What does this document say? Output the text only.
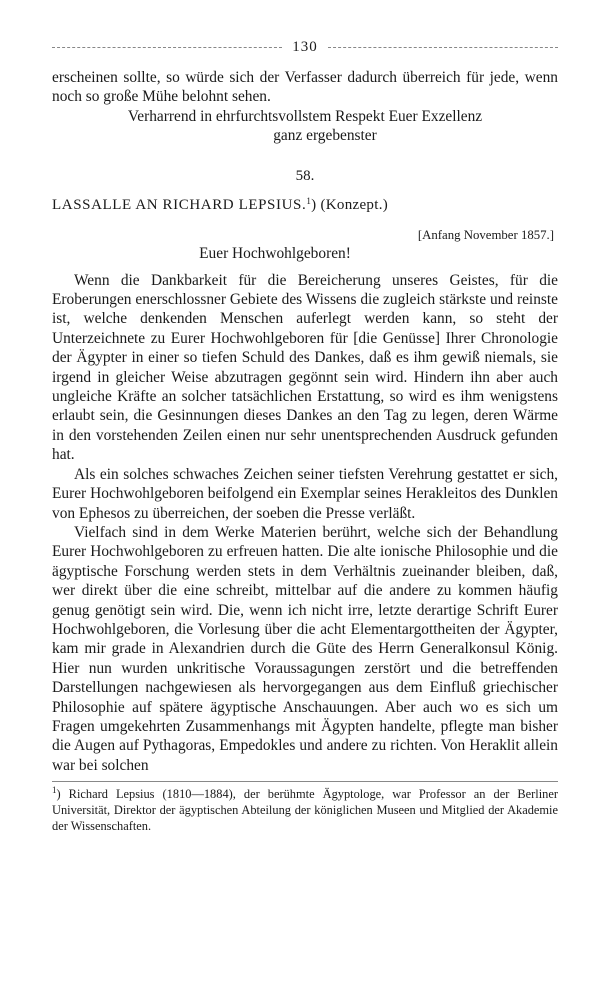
130

erscheinen sollte, so würde sich der Verfasser dadurch überreich für jede, wenn noch so große Mühe belohnt sehen.

Verharrend in ehrfurchtsvollstem Respekt Euer Exzellenz

ganz ergebenster

58.
LASSALLE AN RICHARD LEPSIUS.$^1$) (Konzept.)
[Anfang November 1857.]
Euer Hochwohlgeboren!

Wenn die Dankbarkeit für die Bereicherung unseres Geistes, für die Eroberungen enerschlossner Gebiete des Wissens die zugleich stärkste und reinste ist, welche denkenden Menschen auferlegt werden kann, so steht der Unterzeichnete zu Eurer Hochwohlgeboren für [die Genüsse] Ihrer Chronologie der Ägypter in einer so tiefen Schuld des Dankes, daß es ihm gewiß niemals, sie irgend in gleicher Weise abzutragen gegönnt sein wird. Hindern ihn aber auch ungleiche Kräfte an solcher tatsächlichen Erstattung, so wird es ihm wenigstens erlaubt sein, die Gesinnungen dieses Dankes an den Tag zu legen, deren Wärme in den vorstehenden Zeilen einen nur sehr unentsprechenden Ausdruck gefunden hat.

Als ein solches schwaches Zeichen seiner tiefsten Verehrung gestattet er sich, Eurer Hochwohlgeboren beifolgend ein Exemplar seines Herakleitos des Dunklen von Ephesos zu überreichen, der soeben die Presse verläßt.

Vielfach sind in dem Werke Materien berührt, welche sich der Behandlung Eurer Hochwohlgeboren zu erfreuen hatten. Die alte ionische Philosophie und die ägyptische Forschung werden stets in dem Verhältnis zueinander bleiben, daß, wer direkt über die eine schreibt, mittelbar auf die andere zu kommen häufig genug genötigt sein wird. Die, wenn ich nicht irre, letzte derartige Schrift Eurer Hochwohlgeboren, die Vorlesung über die acht Elementargottheiten der Ägypter, kam mir grade in Alexandrien durch die Güte des Herrn Generalkonsul König. Hier nun wurden unkritische Voraussagungen zerstört und die betreffenden Darstellungen nachgewiesen als hervorgegangen aus dem Einfluß griechischer Philosophie auf spätere ägyptische Anschauungen. Aber auch wo es sich um Fragen umgekehrten Zusammenhangs mit Ägypten handelte, pflegte man bisher die Augen auf Pythagoras, Empedokles und andere zu richten. Von Heraklit allein war bei solchen

$^1$) Richard Lepsius (1810—1884), der berühmte Ägyptologe, war Professor an der Berliner Universität, Direktor der ägyptischen Abteilung der königlichen Museen und Mitglied der Akademie der Wissenschaften.
